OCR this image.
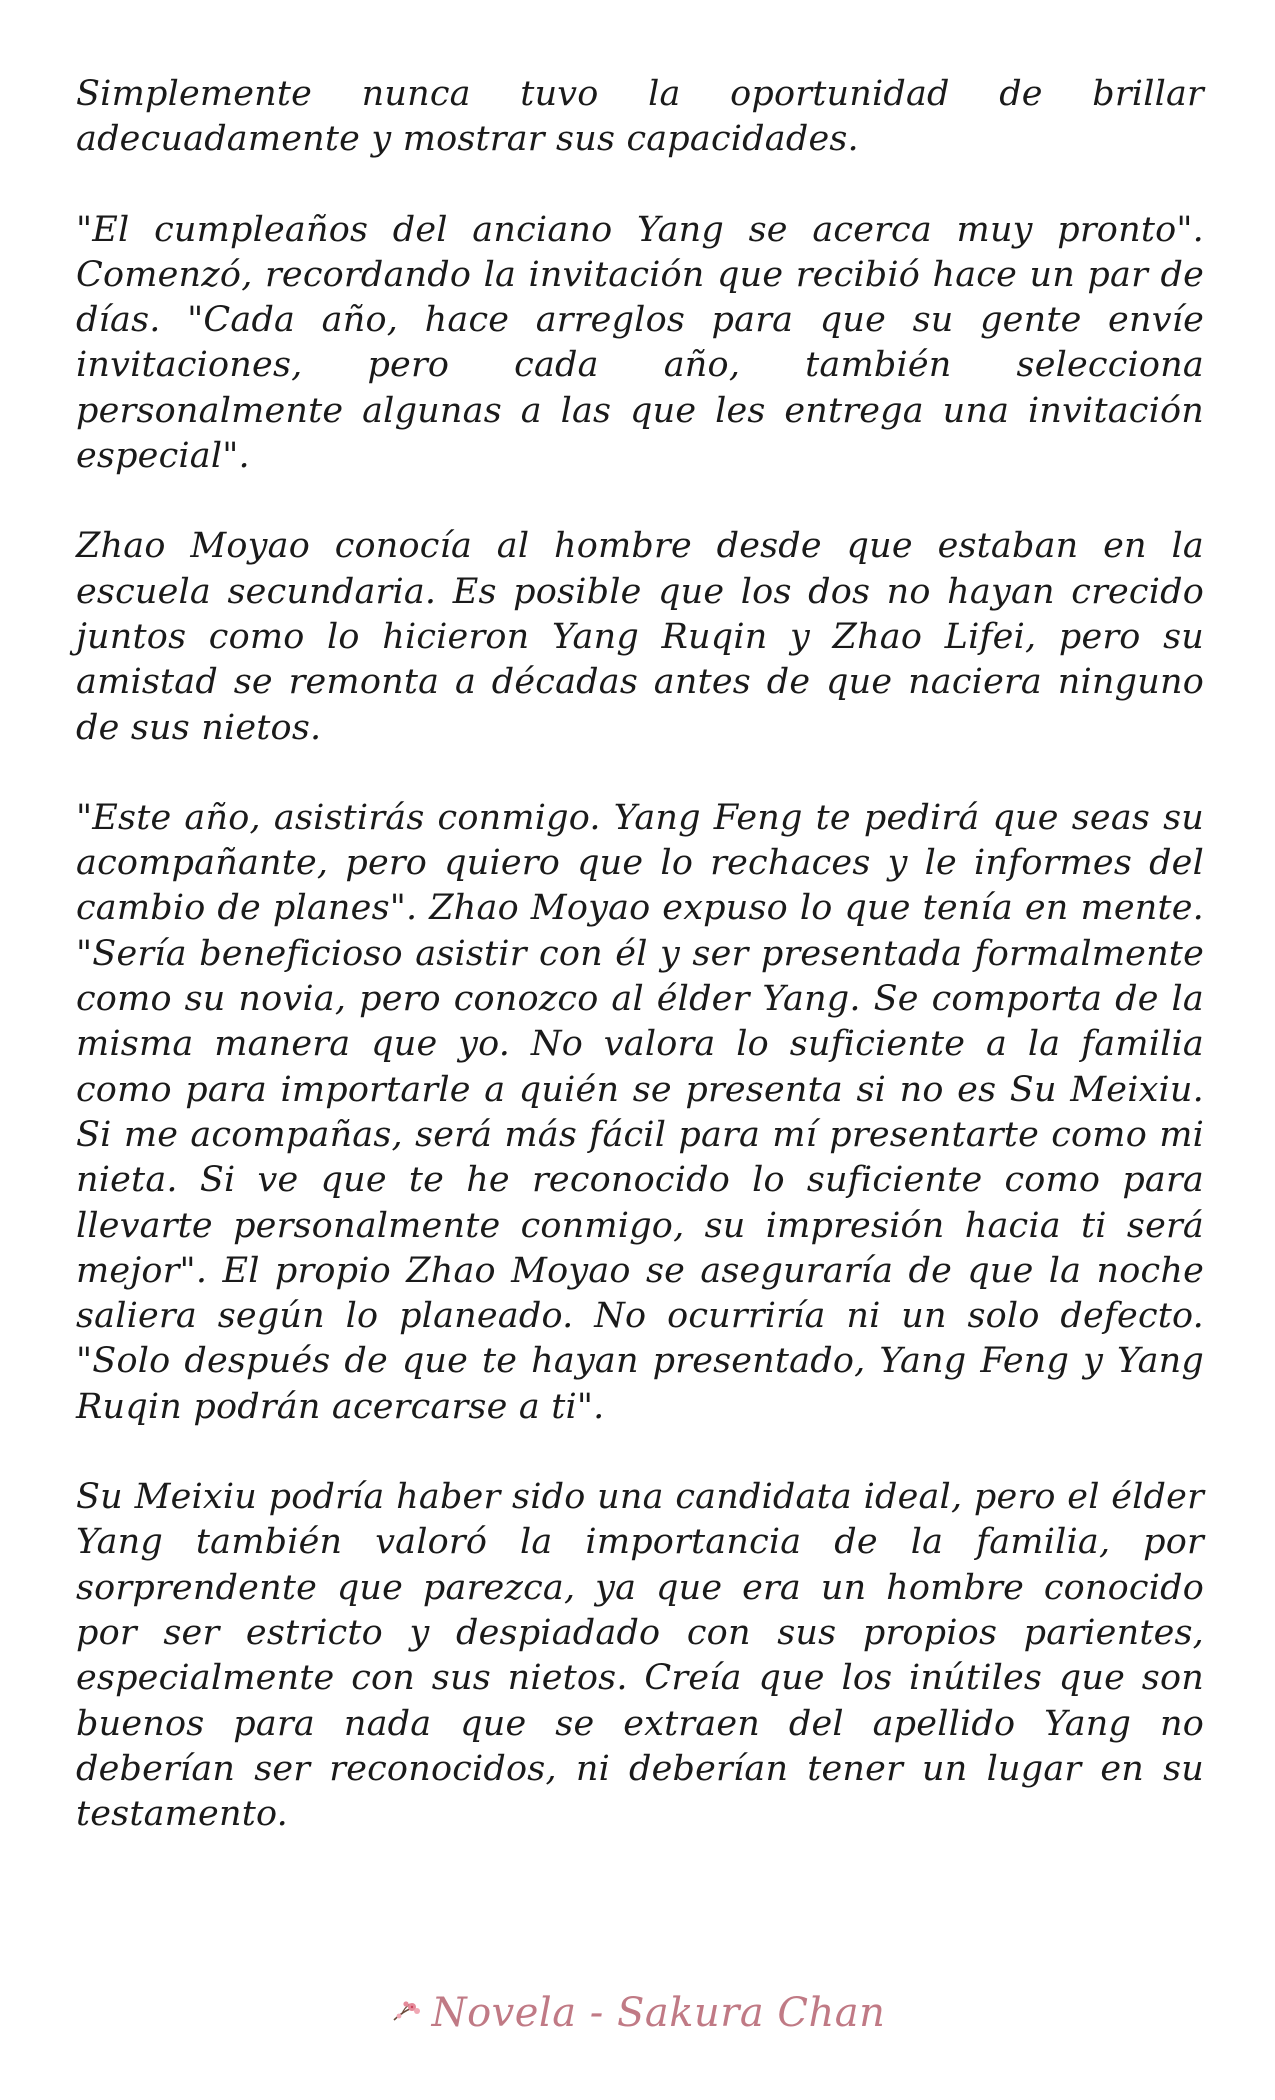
Simplemente nunca tuvo la oportunidad de brillar adecuadamente y mostrar sus capacidades.

"El cumpleaños del anciano Yang se acerca muy pronto". Comenzó, recordando la invitación que recibió hace un par de días. "Cada año, hace arreglos para que su gente envíe invitaciones, pero cada año, también selecciona personalmente algunas a las que les entrega una invitación especial".

Zhao Moyao conocía al hombre desde que estaban en la escuela secundaria. Es posible que los dos no hayan crecido juntos como lo hicieron Yang Ruqin y Zhao Lifei, pero su amistad se remonta a décadas antes de que naciera ninguno de sus nietos.

"Este año, asistirás conmigo. Yang Feng te pedirá que seas su acompañante, pero quiero que lo rechaces y le informes del cambio de planes". Zhao Moyao expuso lo que tenía en mente. "Sería beneficioso asistir con él y ser presentada formalmente como su novia, pero conozco al élder Yang. Se comporta de la misma manera que yo. No valora lo suficiente a la familia como para importarle a quién se presenta si no es Su Meixiu. Si me acompañas, será más fácil para mí presentarte como mi nieta. Si ve que te he reconocido lo suficiente como para llevarte personalmente conmigo, su impresión hacia ti será mejor". El propio Zhao Moyao se aseguraría de que la noche saliera según lo planeado. No ocurriría ni un solo defecto. "Solo después de que te hayan presentado, Yang Feng y Yang Ruqin podrán acercarse a ti".

Su Meixiu podría haber sido una candidata ideal, pero el élder Yang también valoró la importancia de la familia, por sorprendente que parezca, ya que era un hombre conocido por ser estricto y despiadado con sus propios parientes, especialmente con sus nietos. Creía que los inútiles que son buenos para nada que se extraen del apellido Yang no deberían ser reconocidos, ni deberían tener un lugar en su testamento.

Novela - Sakura Chan
